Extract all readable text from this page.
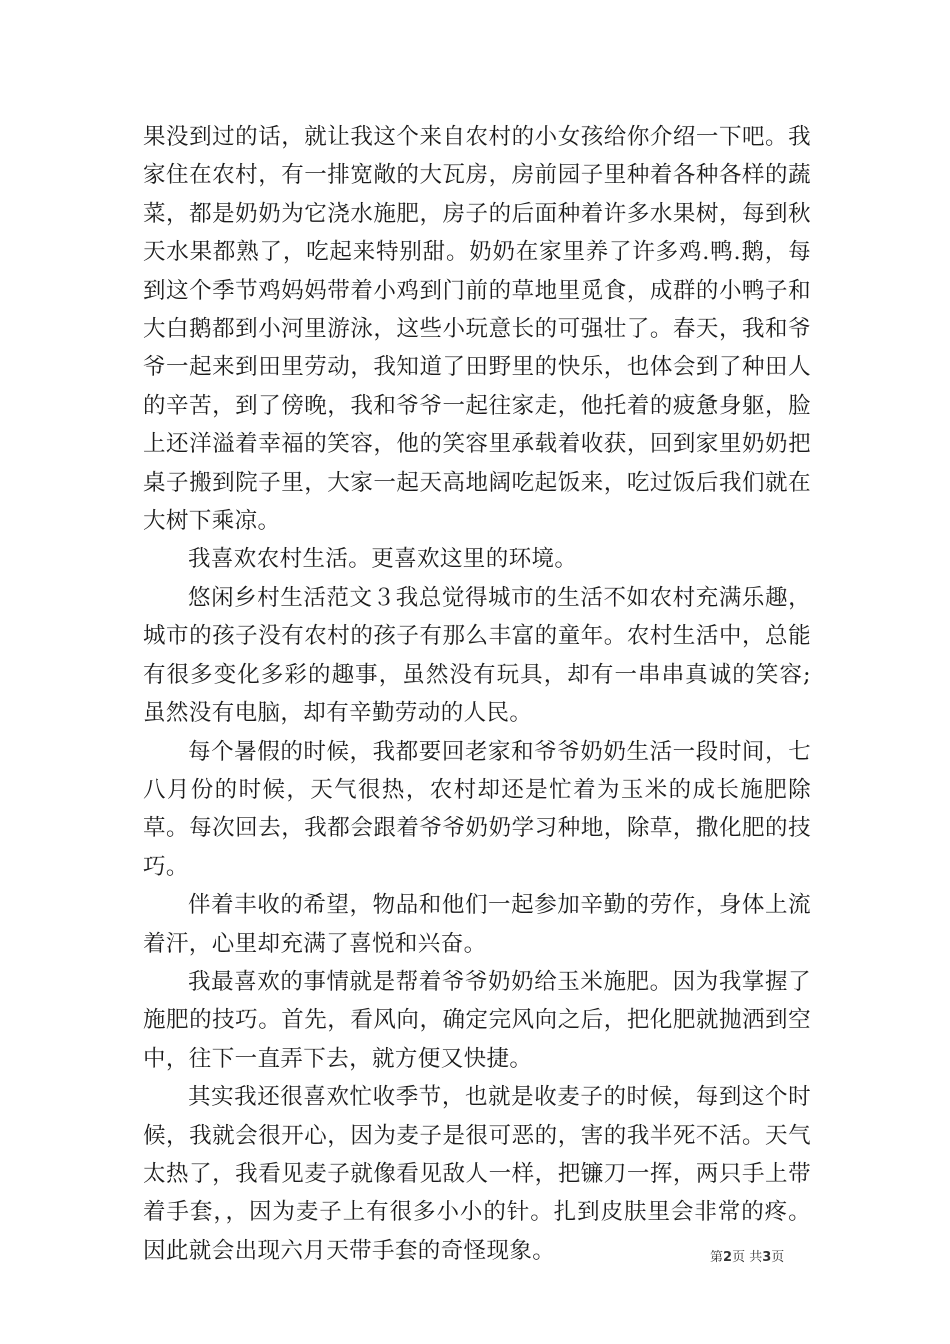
果没到过的话，就让我这个来自农村的小女孩给你介绍一下吧。我家住在农村，有一排宽敞的大瓦房，房前园子里种着各种各样的蔬菜，都是奶奶为它浇水施肥，房子的后面种着许多水果树，每到秋天水果都熟了，吃起来特别甜。奶奶在家里养了许多鸡.鸭.鹅，每到这个季节鸡妈妈带着小鸡到门前的草地里觅食，成群的小鸭子和大白鹅都到小河里游泳，这些小玩意长的可强壮了。春天，我和爷爷一起来到田里劳动，我知道了田野里的快乐，也体会到了种田人的辛苦，到了傍晚，我和爷爷一起往家走，他托着的疲惫身躯，脸上还洋溢着幸福的笑容，他的笑容里承载着收获，回到家里奶奶把桌子搬到院子里，大家一起天高地阔吃起饭来，吃过饭后我们就在大树下乘凉。

我喜欢农村生活。更喜欢这里的环境。

悠闲乡村生活范文３我总觉得城市的生活不如农村充满乐趣，城市的孩子没有农村的孩子有那么丰富的童年。农村生活中，总能有很多变化多彩的趣事，虽然没有玩具，却有一串串真诚的笑容;虽然没有电脑，却有辛勤劳动的人民。

每个暑假的时候，我都要回老家和爷爷奶奶生活一段时间，七八月份的时候，天气很热，农村却还是忙着为玉米的成长施肥除草。每次回去，我都会跟着爷爷奶奶学习种地，除草，撒化肥的技巧。

伴着丰收的希望，物品和他们一起参加辛勤的劳作，身体上流着汗，心里却充满了喜悦和兴奋。

我最喜欢的事情就是帮着爷爷奶奶给玉米施肥。因为我掌握了施肥的技巧。首先，看风向，确定完风向之后，把化肥就抛洒到空中，往下一直弄下去，就方便又快捷。

其实我还很喜欢忙收季节，也就是收麦子的时候，每到这个时候，我就会很开心，因为麦子是很可恶的，害的我半死不活。天气太热了，我看见麦子就像看见敌人一样，把镰刀一挥，两只手上带着手套，，因为麦子上有很多小小的针。扎到皮肤里会非常的疼。因此就会出现六月天带手套的奇怪现象。	第2页 共3页
